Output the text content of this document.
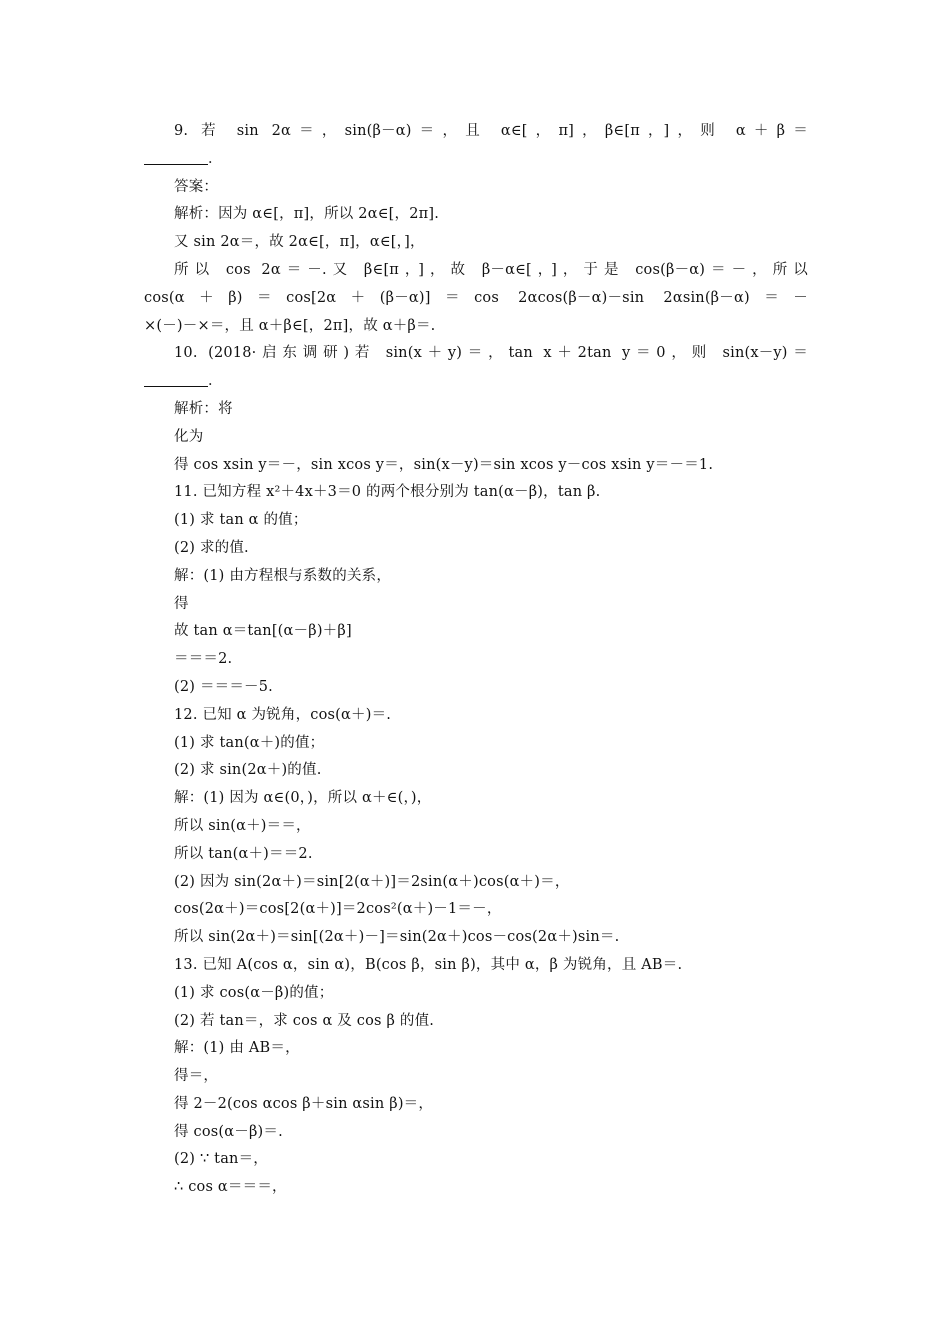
9. 若 sin 2α＝，sin(β－α)＝，且 α∈[，π]，β∈[π，]，则 α＋β＝
．
答案：
解析：因为 α∈[，π]，所以 2α∈[，2π].
又 sin 2α＝，故 2α∈[，π]，α∈[，]，
所以 cos 2α＝－.又 β∈[π，]，故 β－α∈[，]，于是 cos(β－α)＝－，所以
cos(α＋β)＝cos[2α＋(β－α)]＝cos 2αcos(β－α)－sin 2αsin(β－α)＝－
×(－)－×＝，且 α＋β∈[，2π]，故 α＋β＝.
10. (2018·启东调研)若 sin(x＋y)＝，tan x＋2tan y＝0，则 sin(x－y)＝
．
解析：将
化为
得 cos xsin y＝－，sin xcos y＝，sin(x－y)＝sin xcos y－cos xsin y＝－＝1.
11. 已知方程 x²＋4x＋3＝0 的两个根分别为 tan(α－β)，tan β.
(1) 求 tan α 的值；
(2) 求的值.
解：(1) 由方程根与系数的关系，
得
故 tan α＝tan[(α－β)＋β]
＝＝＝2.
(2) ＝＝＝－5.
12. 已知 α 为锐角，cos(α＋)＝.
(1) 求 tan(α＋)的值；
(2) 求 sin(2α＋)的值.
解：(1) 因为 α∈(0，)，所以 α＋∈(，)，
所以 sin(α＋)＝＝，
所以 tan(α＋)＝＝2.
(2) 因为 sin(2α＋)＝sin[2(α＋)]＝2sin(α＋)cos(α＋)＝，
cos(2α＋)＝cos[2(α＋)]＝2cos²(α＋)－1＝－，
所以 sin(2α＋)＝sin[(2α＋)－]＝sin(2α＋)cos－cos(2α＋)sin＝.
13. 已知 A(cos α，sin α)，B(cos β，sin β)，其中 α，β 为锐角，且 AB＝.
(1) 求 cos(α－β)的值；
(2) 若 tan＝，求 cos α 及 cos β 的值.
解：(1) 由 AB＝，
得＝，
得 2－2(cos αcos β＋sin αsin β)＝，
得 cos(α－β)＝.
(2) ∵ tan＝，
∴ cos α＝＝＝，
